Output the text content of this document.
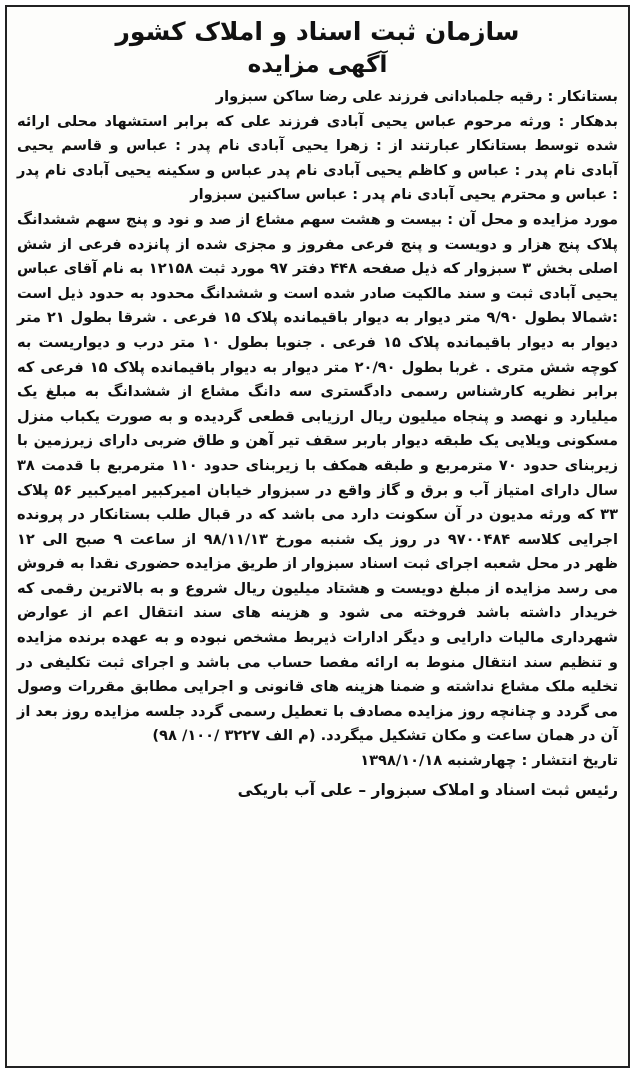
سازمان ثبت اسناد و املاک کشور
آگهی مزایده

بستانکار : رقیه جلمبادانی فرزند علی رضا ساکن سبزوار

بدهکار : ورثه مرحوم عباس یحیی آبادی فرزند علی که برابر استشهاد محلی ارائه شده توسط بستانکار عبارتند از : زهرا یحیی آبادی نام پدر : عباس و قاسم یحیی آبادی نام پدر : عباس و کاظم یحیی آبادی نام پدر عباس و سکینه یحیی آبادی نام پدر : عباس و محترم یحیی آبادی نام پدر : عباس ساکنین سبزوار

مورد مزایده و محل آن : بیست و هشت سهم مشاع از صد و نود و پنج سهم ششدانگ پلاک پنج هزار و دویست و پنج فرعی مفروز و مجزی شده از پانزده فرعی از شش اصلی بخش ۳ سبزوار که ذیل صفحه ۴۴۸ دفتر ۹۷ مورد ثبت ۱۲۱۵۸ به نام آقای عباس یحیی آبادی ثبت و سند مالکیت صادر شده است و ششدانگ محدود به حدود ذیل است :شمالا بطول ۹/۹۰ متر دیوار به دیوار باقیمانده پلاک ۱۵ فرعی . شرقا بطول ۲۱ متر دیوار به دیوار باقیمانده پلاک ۱۵ فرعی . جنوبا بطول ۱۰ متر درب و دیواریست به کوچه شش متری . غربا بطول ۲۰/۹۰ متر دیوار به دیوار باقیمانده پلاک ۱۵ فرعی که برابر نظریه کارشناس رسمی دادگستری سه دانگ مشاع از ششدانگ به مبلغ یک میلیارد و نهصد و پنجاه میلیون ریال ارزیابی قطعی گردیده و به صورت یکباب منزل مسکونی ویلایی یک طبقه دیوار باربر سقف تیر آهن و طاق ضربی دارای زیرزمین با زیربنای حدود ۷۰ مترمربع و طبقه همکف با زیربنای حدود ۱۱۰ مترمربع با قدمت ۳۸ سال دارای امتیاز آب و برق و گاز واقع در سبزوار خیابان امیرکبیر امیرکبیر ۵۶ پلاک ۳۳ که ورثه مدیون در آن سکونت دارد می باشد که در قبال طلب بستانکار در پرونده اجرایی کلاسه ۹۷۰۰۴۸۴ در روز یک شنبه مورخ ۹۸/۱۱/۱۳ از ساعت ۹ صبح الی ۱۲ ظهر در محل شعبه اجرای ثبت اسناد سبزوار از طریق مزایده حضوری نقدا به فروش می رسد مزایده از مبلغ دویست و هشتاد میلیون ریال شروع و به بالاترین رقمی که خریدار داشته باشد فروخته می شود و هزینه های سند انتقال اعم از عوارض شهرداری مالیات دارایی و دیگر ادارات ذیربط مشخص نبوده و به عهده برنده مزایده و تنظیم سند انتقال منوط به ارائه مفصا حساب می باشد و اجرای ثبت تکلیفی در تخلیه ملک مشاع نداشته و ضمنا هزینه های قانونی و اجرایی مطابق مقررات وصول می گردد و چنانچه روز مزایده مصادف با تعطیل رسمی گردد جلسه مزایده روز بعد از آن در همان ساعت و مکان تشکیل میگردد. (م الف ۳۲۲۷ /۱۰۰/ ۹۸)

تاریخ انتشار : چهارشنبه ۱۳۹۸/۱۰/۱۸

رئیس ثبت اسناد و املاک سبزوار – علی آب باریکی
